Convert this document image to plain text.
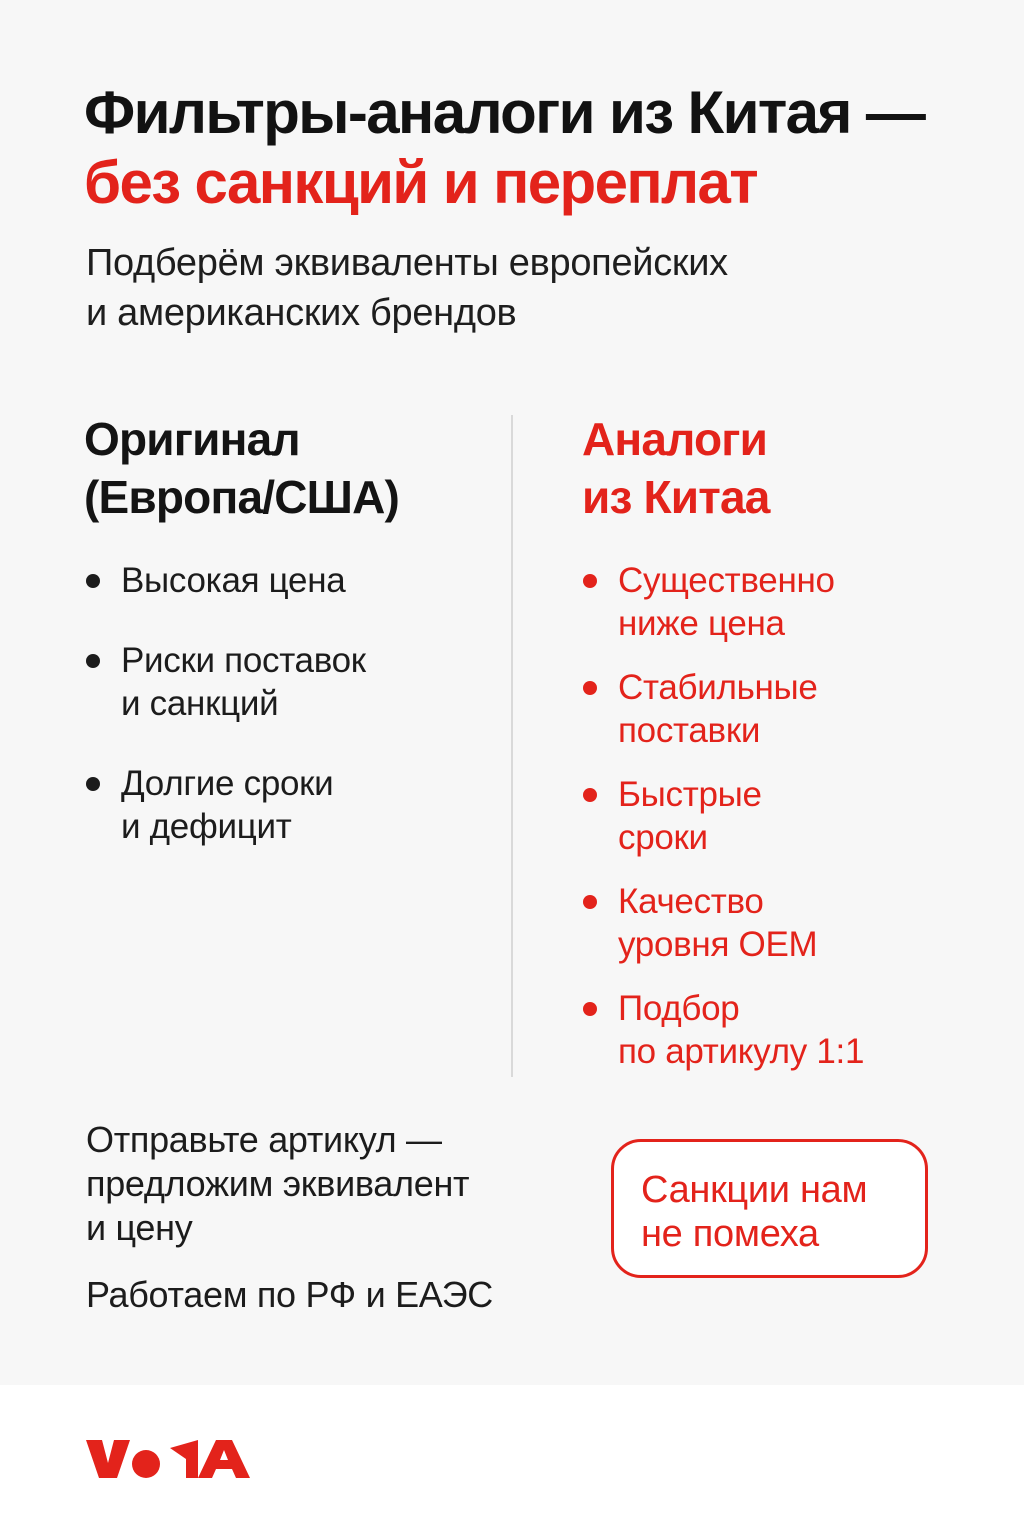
Фильтры-аналоги из Китая —
без санкций и переплат

Подберём эквиваленты европейских
и американских брендов

Оригинал
(Европа/США)
Высокая цена
Риски поставок
и санкций
Долгие сроки
и дефицит
Аналоги
из Китаа
Существенно
ниже цена
Стабильные
поставки
Быстрые
сроки
Качество
уровня OEM
Подбор
по артикулу 1:1

Отправьте артикул —
предложим эквивалент
и цену

Работаем по РФ и ЕАЭС

Санкции нам
не помеха
